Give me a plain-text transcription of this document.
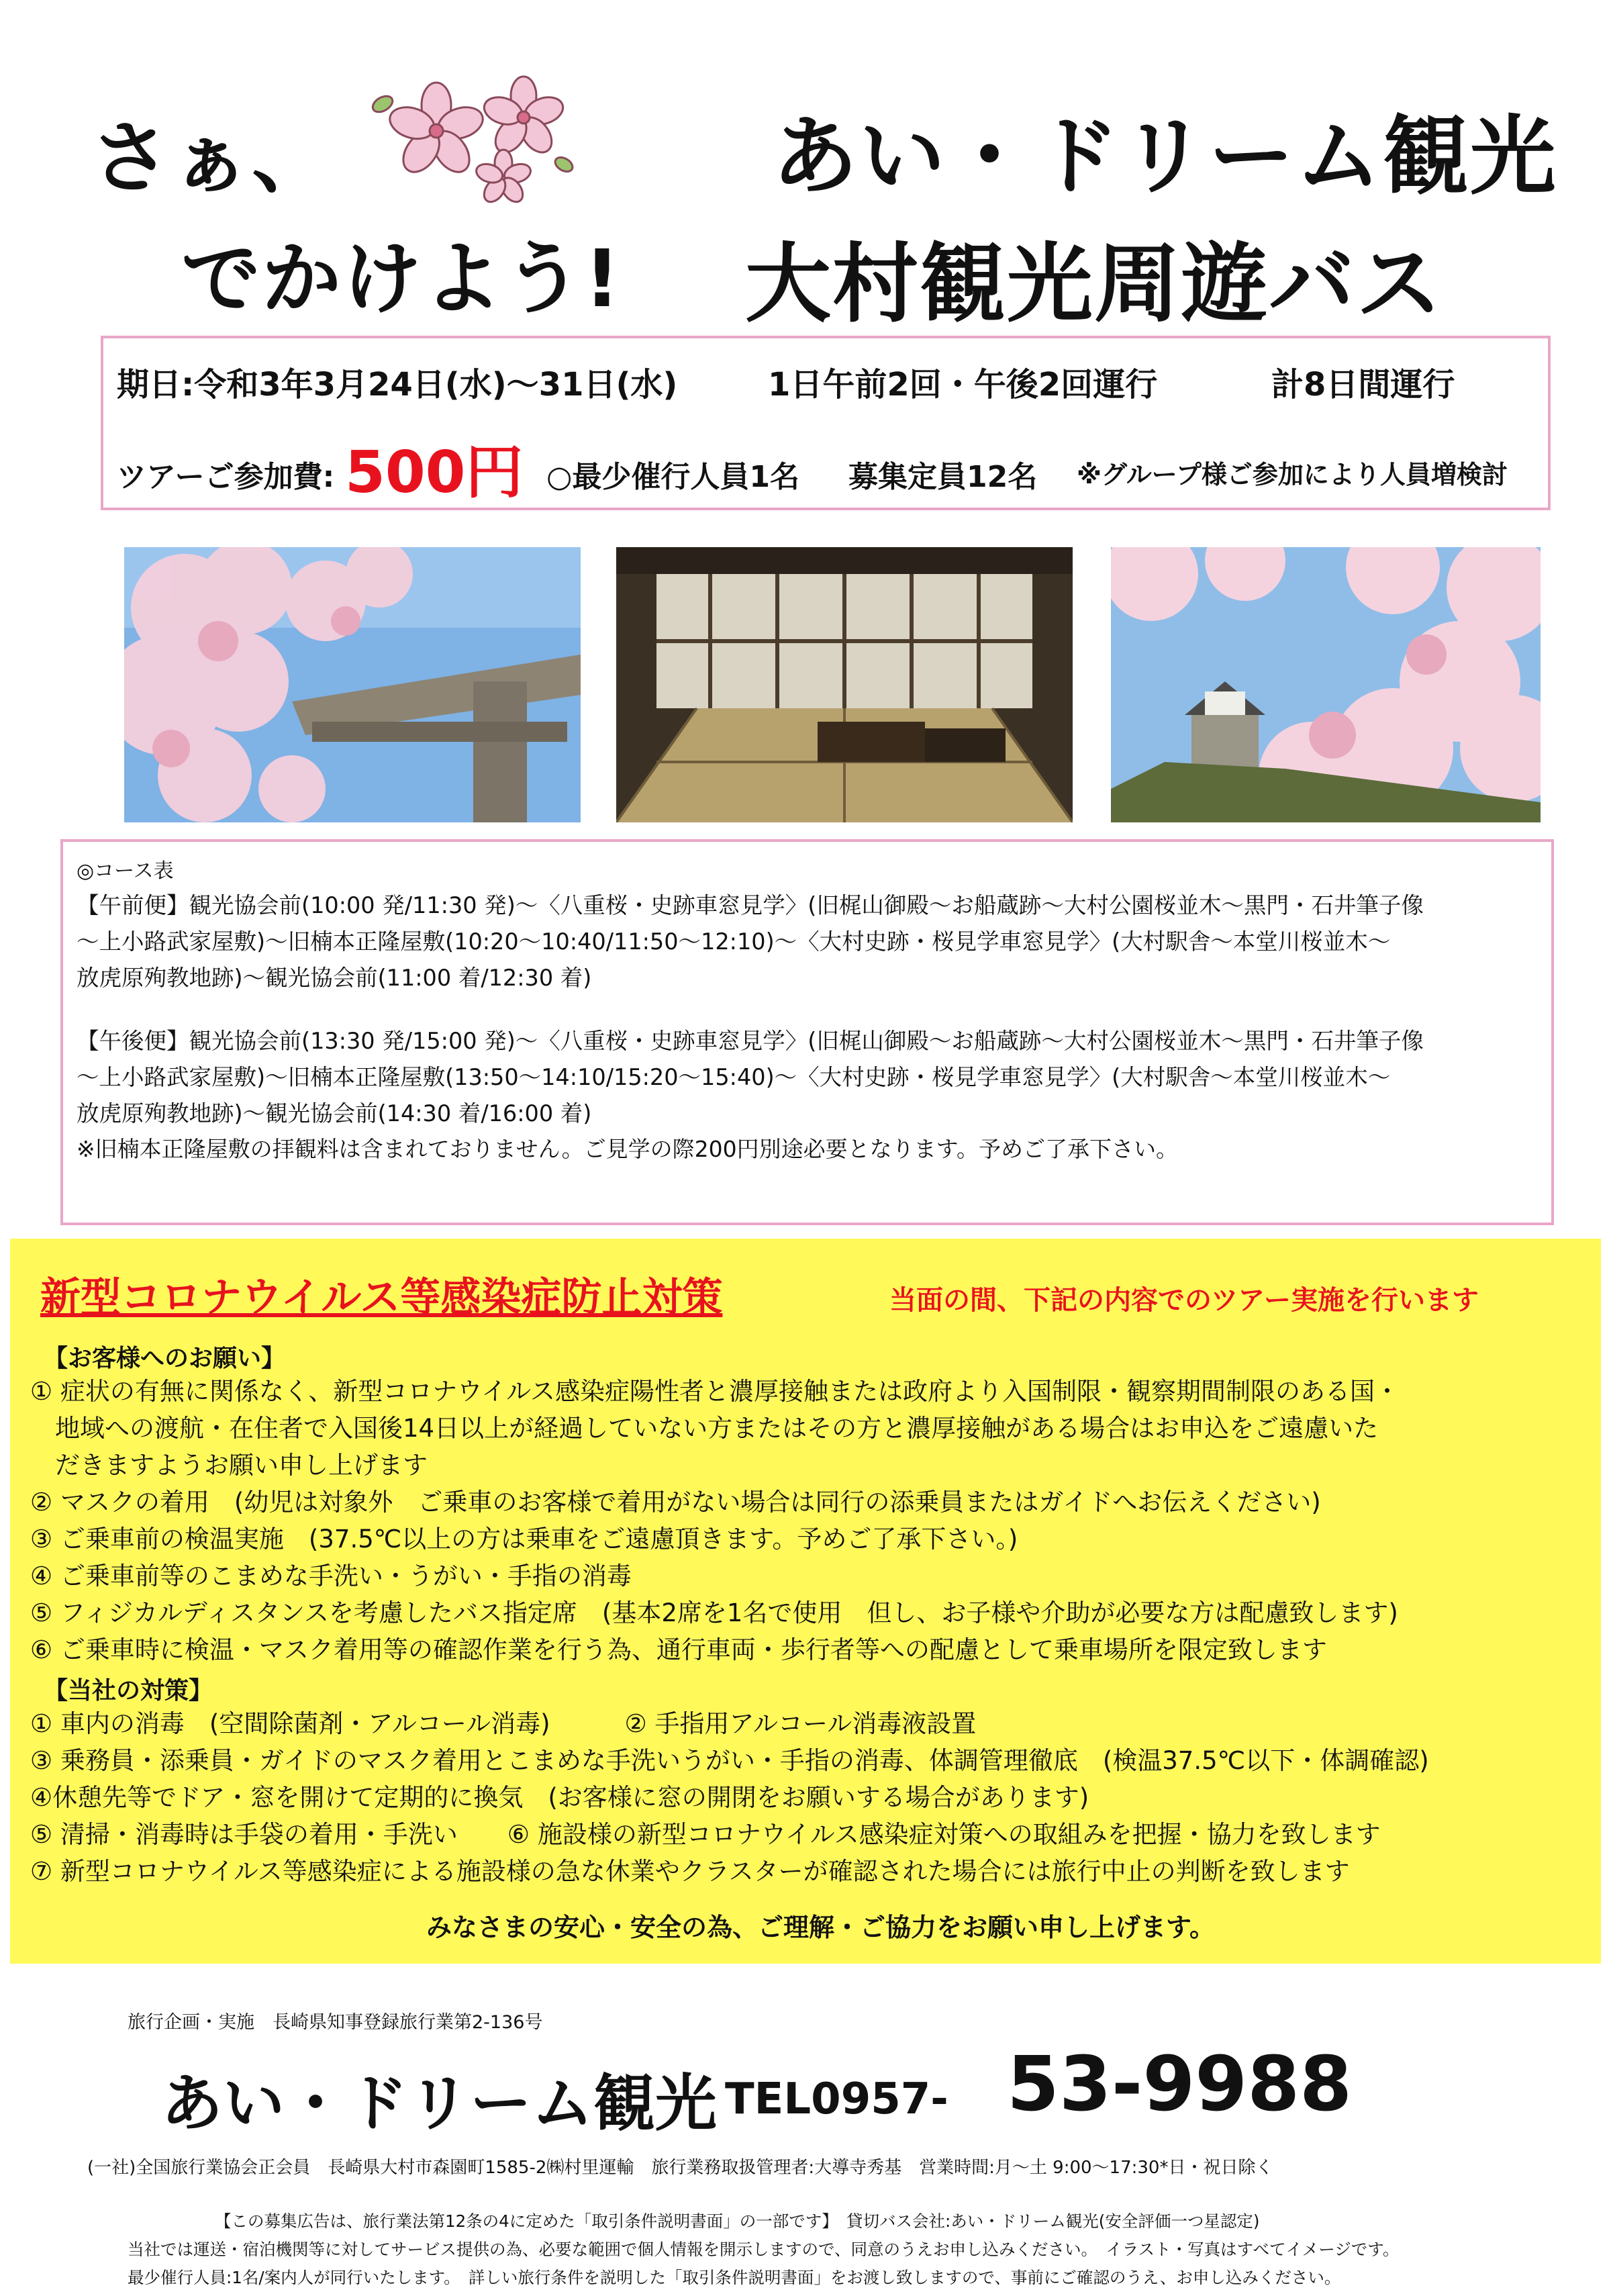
さぁ、	あい・ドリーム観光
でかけよう! 大村観光周遊バス
期日:令和3年3月24日(水)〜31日(水)	1日午前2回・午後2回運行	計8日間運行
ツアーご参加費: 500円 ○最少催行人員1名 募集定員12名 ※グループ様ご参加により人員増検討
◎コース表
【午前便】観光協会前(10:00 発/11:30 発)〜〈八重桜・史跡車窓見学〉(旧梶山御殿〜お船蔵跡〜大村公園桜並木〜黒門・石井筆子像
〜上小路武家屋敷)〜旧楠本正隆屋敷(10:20〜10:40/11:50〜12:10)〜〈大村史跡・桜見学車窓見学〉(大村駅舎〜本堂川桜並木〜
放虎原殉教地跡)〜観光協会前(11:00 着/12:30 着)
【午後便】観光協会前(13:30 発/15:00 発)〜〈八重桜・史跡車窓見学〉(旧梶山御殿〜お船蔵跡〜大村公園桜並木〜黒門・石井筆子像
〜上小路武家屋敷)〜旧楠本正隆屋敷(13:50〜14:10/15:20〜15:40)〜〈大村史跡・桜見学車窓見学〉(大村駅舎〜本堂川桜並木〜
放虎原殉教地跡)〜観光協会前(14:30 着/16:00 着)
※旧楠本正隆屋敷の拝観料は含まれておりません。ご見学の際200円別途必要となります。予めご了承下さい。
新型コロナウイルス等感染症防止対策	当面の間、下記の内容でのツアー実施を行います
【お客様へのお願い】
① 症状の有無に関係なく、新型コロナウイルス感染症陽性者と濃厚接触または政府より入国制限・観察期間制限のある国・
　地域への渡航・在住者で入国後14日以上が経過していない方またはその方と濃厚接触がある場合はお申込をご遠慮いた
　だきますようお願い申し上げます
② マスクの着用　(幼児は対象外　ご乗車のお客様で着用がない場合は同行の添乗員またはガイドへお伝えください)
③ ご乗車前の検温実施　(37.5℃以上の方は乗車をご遠慮頂きます。予めご了承下さい。)
④ ご乗車前等のこまめな手洗い・うがい・手指の消毒
⑤ フィジカルディスタンスを考慮したバス指定席　(基本2席を1名で使用　但し、お子様や介助が必要な方は配慮致します)
⑥ ご乗車時に検温・マスク着用等の確認作業を行う為、通行車両・歩行者等への配慮として乗車場所を限定致します
【当社の対策】
① 車内の消毒　(空間除菌剤・アルコール消毒)　　　② 手指用アルコール消毒液設置
③ 乗務員・添乗員・ガイドのマスク着用とこまめな手洗いうがい・手指の消毒、体調管理徹底　(検温37.5℃以下・体調確認)
④休憩先等でドア・窓を開けて定期的に換気　(お客様に窓の開閉をお願いする場合があります)
⑤ 清掃・消毒時は手袋の着用・手洗い　　⑥ 施設様の新型コロナウイルス感染症対策への取組みを把握・協力を致します
⑦ 新型コロナウイルス等感染症による施設様の急な休業やクラスターが確認された場合には旅行中止の判断を致します
みなさまの安心・安全の為、ご理解・ご協力をお願い申し上げます。
旅行企画・実施　長崎県知事登録旅行業第2-136号
あい・ドリーム観光 TEL0957- 53-9988
(一社)全国旅行業協会正会員　長崎県大村市森園町1585-2㈱村里運輸　旅行業務取扱管理者:大導寺秀基　営業時間:月〜土 9:00〜17:30*日・祝日除く
【この募集広告は、旅行業法第12条の4に定めた「取引条件説明書面」の一部です】　貸切バス会社:あい・ドリーム観光(安全評価一つ星認定)
当社では運送・宿泊機関等に対してサービス提供の為、必要な範囲で個人情報を開示しますので、同意のうえお申し込みください。　イラスト・写真はすべてイメージです。
最少催行人員:1名/案内人が同行いたします。　詳しい旅行条件を説明した「取引条件説明書面」をお渡し致しますので、事前にご確認のうえ、お申し込みください。
